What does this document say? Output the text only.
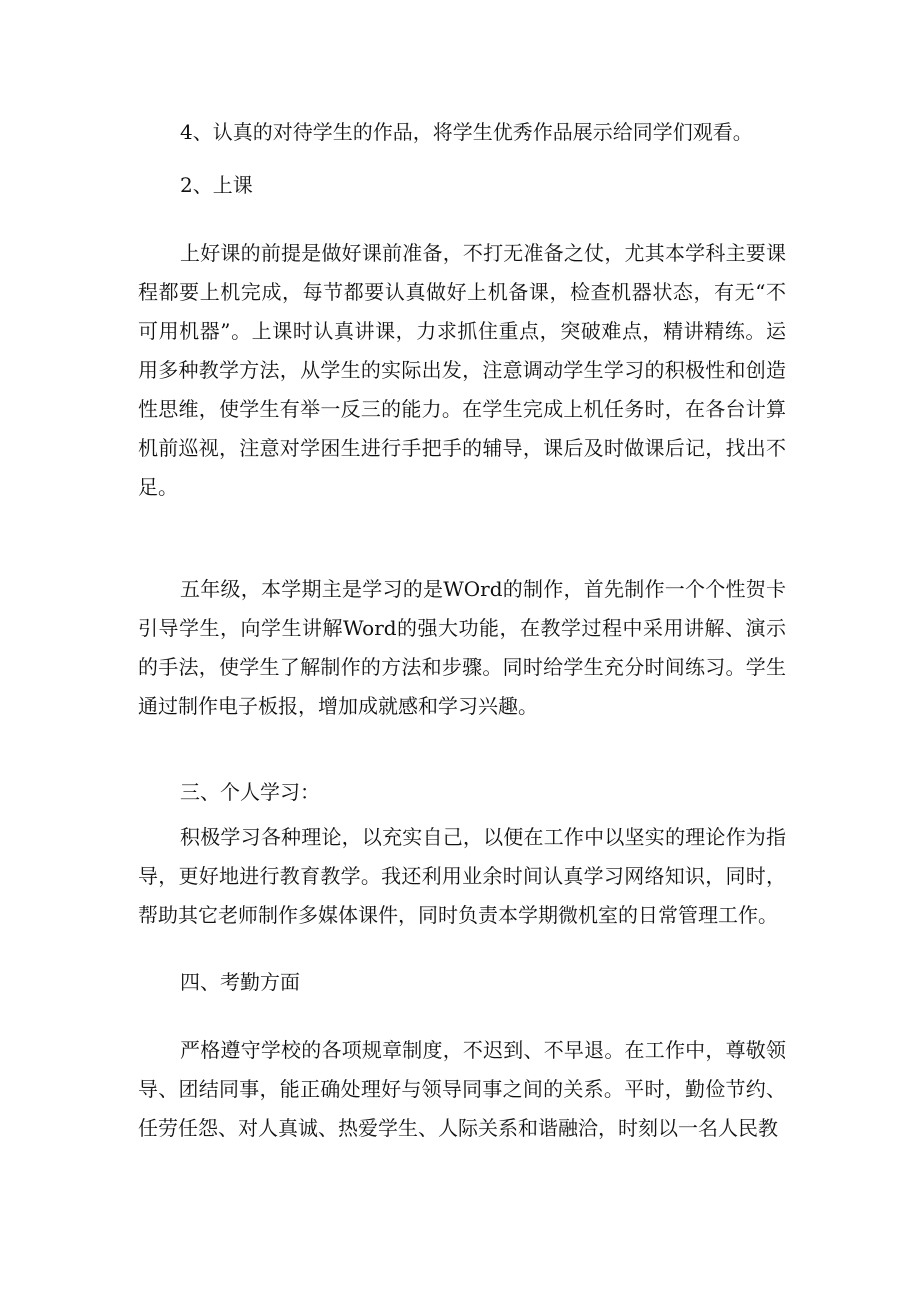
4、认真的对待学生的作品，将学生优秀作品展示给同学们观看。

2、上课

上好课的前提是做好课前准备，不打无准备之仗，尤其本学科主要课程都要上机完成，每节都要认真做好上机备课，检查机器状态，有无“不可用机器”。上课时认真讲课，力求抓住重点，突破难点，精讲精练。运用多种教学方法，从学生的实际出发，注意调动学生学习的积极性和创造性思维，使学生有举一反三的能力。在学生完成上机任务时，在各台计算机前巡视，注意对学困生进行手把手的辅导，课后及时做课后记，找出不足。

五年级，本学期主是学习的是WOrd的制作，首先制作一个个性贺卡引导学生，向学生讲解Word的强大功能，在教学过程中采用讲解、演示的手法，使学生了解制作的方法和步骤。同时给学生充分时间练习。学生通过制作电子板报，增加成就感和学习兴趣。

三、个人学习：

积极学习各种理论，以充实自己，以便在工作中以坚实的理论作为指导，更好地进行教育教学。我还利用业余时间认真学习网络知识，同时，帮助其它老师制作多媒体课件，同时负责本学期微机室的日常管理工作。

四、考勤方面

严格遵守学校的各项规章制度，不迟到、不早退。在工作中，尊敬领导、团结同事，能正确处理好与领导同事之间的关系。平时，勤俭节约、任劳任怨、对人真诚、热爱学生、人际关系和谐融洽，时刻以一名人民教
